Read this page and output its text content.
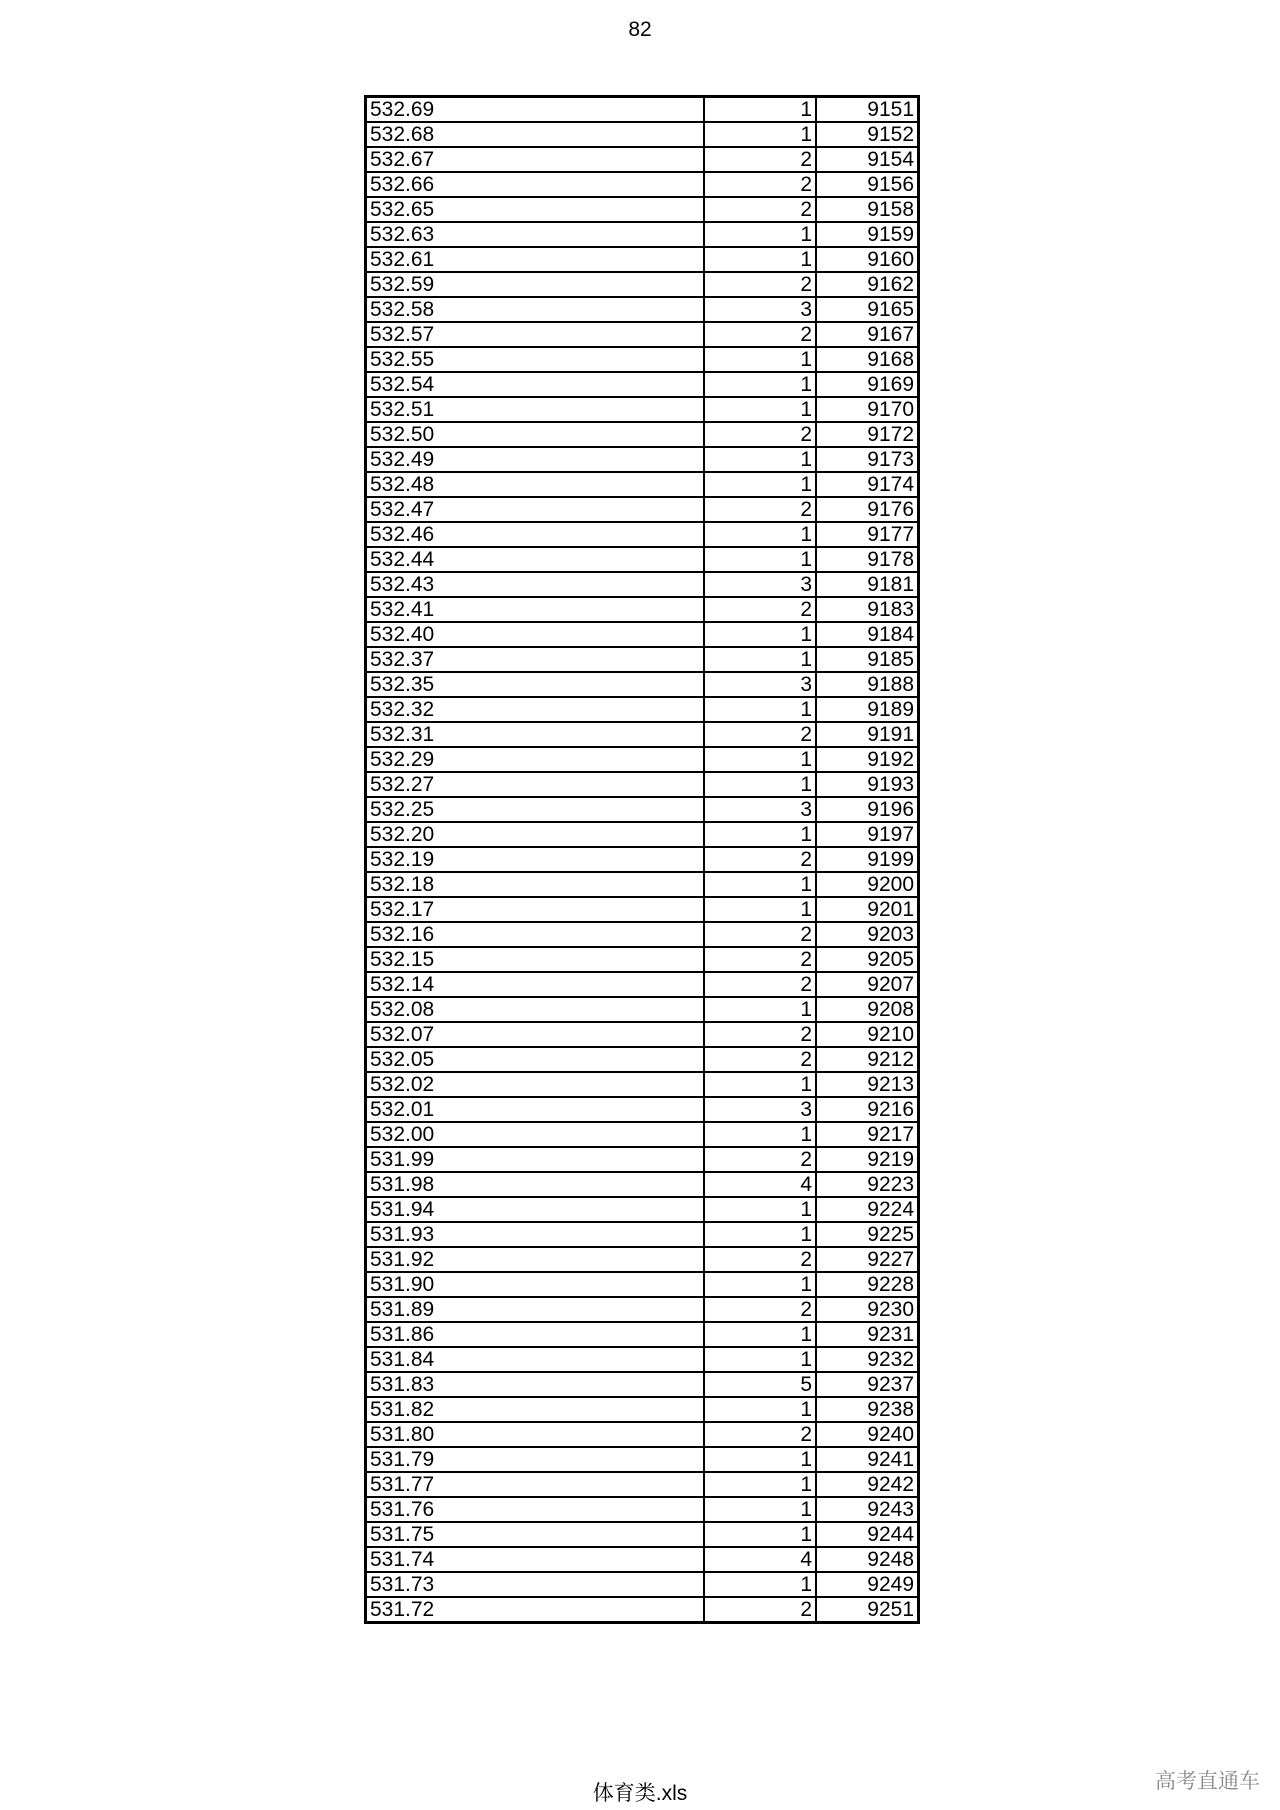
82
532.69	1	9151
532.68	1	9152
532.67	2	9154
532.66	2	9156
532.65	2	9158
532.63	1	9159
532.61	1	9160
532.59	2	9162
532.58	3	9165
532.57	2	9167
532.55	1	9168
532.54	1	9169
532.51	1	9170
532.50	2	9172
532.49	1	9173
532.48	1	9174
532.47	2	9176
532.46	1	9177
532.44	1	9178
532.43	3	9181
532.41	2	9183
532.40	1	9184
532.37	1	9185
532.35	3	9188
532.32	1	9189
532.31	2	9191
532.29	1	9192
532.27	1	9193
532.25	3	9196
532.20	1	9197
532.19	2	9199
532.18	1	9200
532.17	1	9201
532.16	2	9203
532.15	2	9205
532.14	2	9207
532.08	1	9208
532.07	2	9210
532.05	2	9212
532.02	1	9213
532.01	3	9216
532.00	1	9217
531.99	2	9219
531.98	4	9223
531.94	1	9224
531.93	1	9225
531.92	2	9227
531.90	1	9228
531.89	2	9230
531.86	1	9231
531.84	1	9232
531.83	5	9237
531.82	1	9238
531.80	2	9240
531.79	1	9241
531.77	1	9242
531.76	1	9243
531.75	1	9244
531.74	4	9248
531.73	1	9249
531.72	2	9251
体育类.xls
高考直通车
